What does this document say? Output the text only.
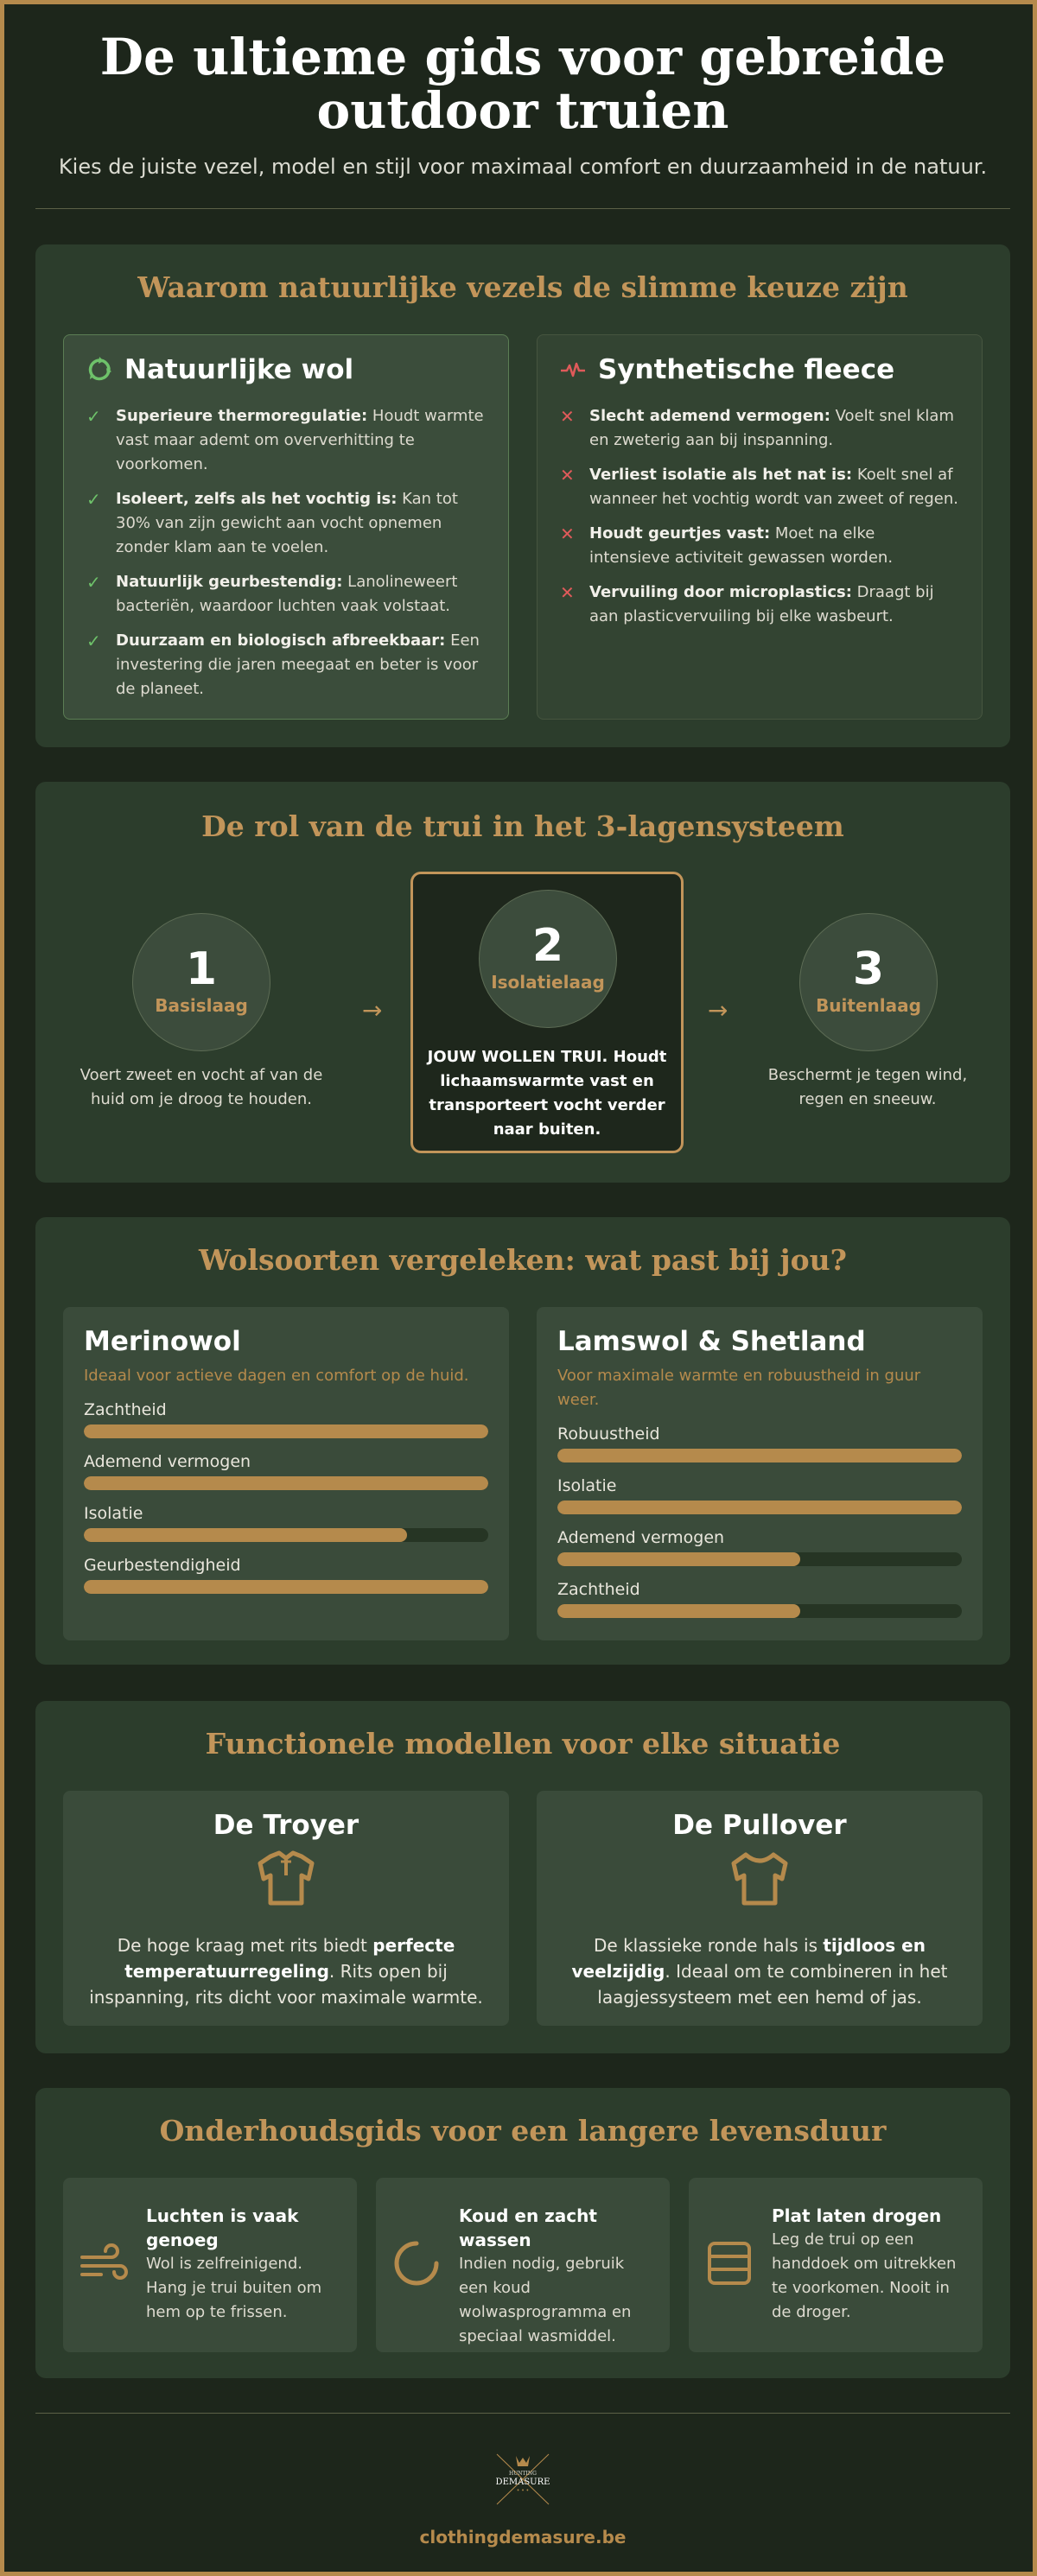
De ultieme gids voor gebreide outdoor truien

Kies de juiste vezel, model en stijl voor maximaal comfort en duurzaamheid in de natuur.

Waarom natuurlijke vezels de slimme keuze zijn
Natuurlijke wol
✓ Superieure thermoregulatie: Houdt warmte vast maar ademt om oververhitting te voorkomen.
✓ Isoleert, zelfs als het vochtig is: Kan tot 30% van zijn gewicht aan vocht opnemen zonder klam aan te voelen.
✓ Natuurlijk geurbestendig: Lanolineweert bacteriën, waardoor luchten vaak volstaat.
✓ Duurzaam en biologisch afbreekbaar: Een investering die jaren meegaat en beter is voor de planeet.
Synthetische fleece
✕ Slecht ademend vermogen: Voelt snel klam en zweterig aan bij inspanning.
✕ Verliest isolatie als het nat is: Koelt snel af wanneer het vochtig wordt van zweet of regen.
✕ Houdt geurtjes vast: Moet na elke intensieve activiteit gewassen worden.
✕ Vervuiling door microplastics: Draagt bij aan plasticvervuiling bij elke wasbeurt.
De rol van de trui in het 3-lagensysteem
1
Basislaag
Voert zweet en vocht af van de huid om je droog te houden.
→
2
Isolatielaag
JOUW WOLLEN TRUI. Houdt lichaamswarmte vast en transporteert vocht verder naar buiten.
→
3
Buitenlaag
Beschermt je tegen wind, regen en sneeuw.
Wolsoorten vergeleken: wat past bij jou?
Merinowol
Ideaal voor actieve dagen en comfort op de huid.
Zachtheid
Ademend vermogen
Isolatie
Geurbestendigheid
Lamswol & Shetland
Voor maximale warmte en robuustheid in guur weer.
Robuustheid
Isolatie
Ademend vermogen
Zachtheid
Functionele modellen voor elke situatie
De Troyer
De hoge kraag met rits biedt perfecte temperatuurregeling. Rits open bij inspanning, rits dicht voor maximale warmte.
De Pullover
De klassieke ronde hals is tijdloos en veelzijdig. Ideaal om te combineren in het laagjessysteem met een hemd of jas.
Onderhoudsgids voor een langere levensduur
Luchten is vaak genoeg
Wol is zelfreinigend. Hang je trui buiten om hem op te frissen.
Koud en zacht wassen
Indien nodig, gebruik een koud wolwasprogramma en speciaal wasmiddel.
Plat laten drogen
Leg de trui op een handdoek om uitrekken te voorkomen. Nooit in de droger.
HUNTING
DEMASURE
• • •
clothingdemasure.be
